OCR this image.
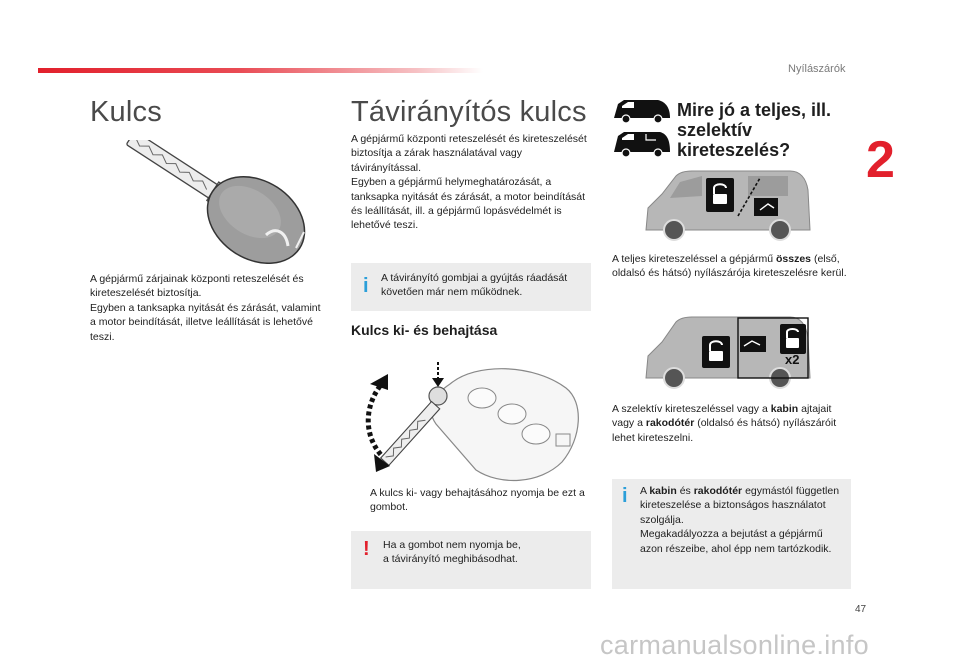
Nyílászárók
2
Kulcs
A gépjármű zárjainak központi reteszelését és kireteszelését biztosítja.
Egyben a tanksapka nyitását és zárását, valamint a motor beindítását, illetve leállítását is lehetővé teszi.
Távirányítós kulcs
A gépjármű központi reteszelését és kireteszelését biztosítja a zárak használatával vagy távirányítással.
Egyben a gépjármű helymeghatározását, a tanksapka nyitását és zárását, a motor beindítását és leállítását, ill. a gépjármű lopásvédelmét is lehetővé teszi.
i A távirányító gombjai a gyújtás ráadását követően már nem működnek.
Kulcs ki- és behajtása
A kulcs ki- vagy behajtásához nyomja be ezt a gombot.
! Ha a gombot nem nyomja be,
a távirányító meghibásodhat.
Mire jó a teljes, ill. szelektív kireteszelés?
A teljes kireteszeléssel a gépjármű összes (első, oldalsó és hátsó) nyílászárója kireteszelésre kerül.
x2
A szelektív kireteszeléssel vagy a kabin ajtajait vagy a rakodótér (oldalsó és hátsó) nyílászáróit lehet kireteszelni.
i A kabin és rakodótér egymástól független kireteszelése a biztonságos használatot szolgálja.
Megakadályozza a bejutást a gépjármű azon részeibe, ahol épp nem tartózkodik.
47
carmanualsonline.info
